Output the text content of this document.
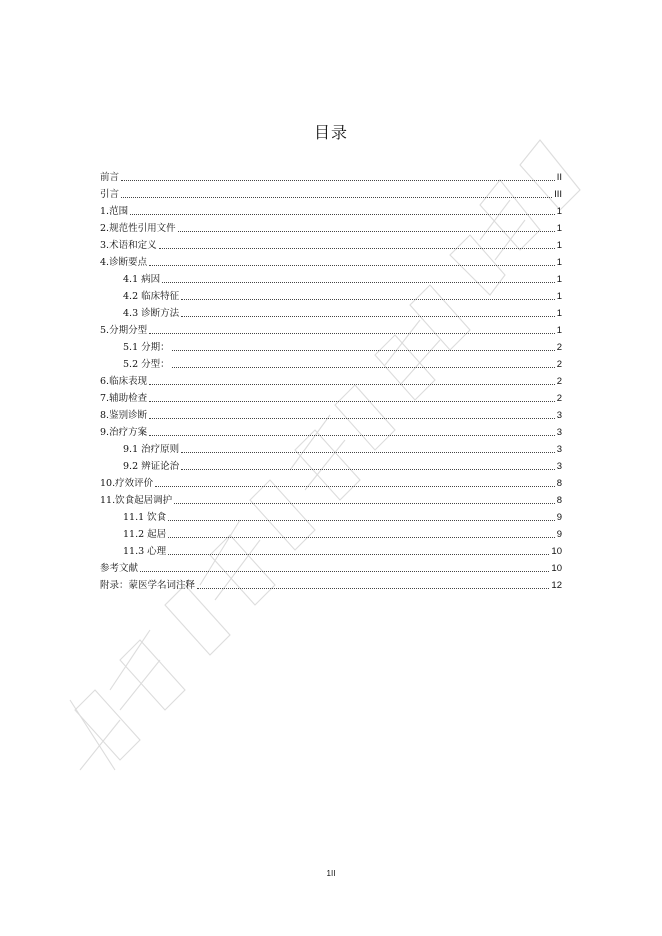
目录
前言	II
引言	III
1.范围	1
2.规范性引用文件	1
3.术语和定义	1
4.诊断要点	1
4.1 病因	1
4.2 临床特征	1
4.3 诊断方法	1
5.分期分型	1
5.1 分期：	2
5.2 分型：	2
6.临床表现	2
7.辅助检查	2
8.鉴别诊断	3
9.治疗方案	3
9.1 治疗原则	3
9.2 辨证论治	3
10.疗效评价	8
11.饮食起居调护	8
11.1 饮食	9
11.2 起居	9
11.3 心理	10
参考文献	10
附录：蒙医学名词注释	12
1II
